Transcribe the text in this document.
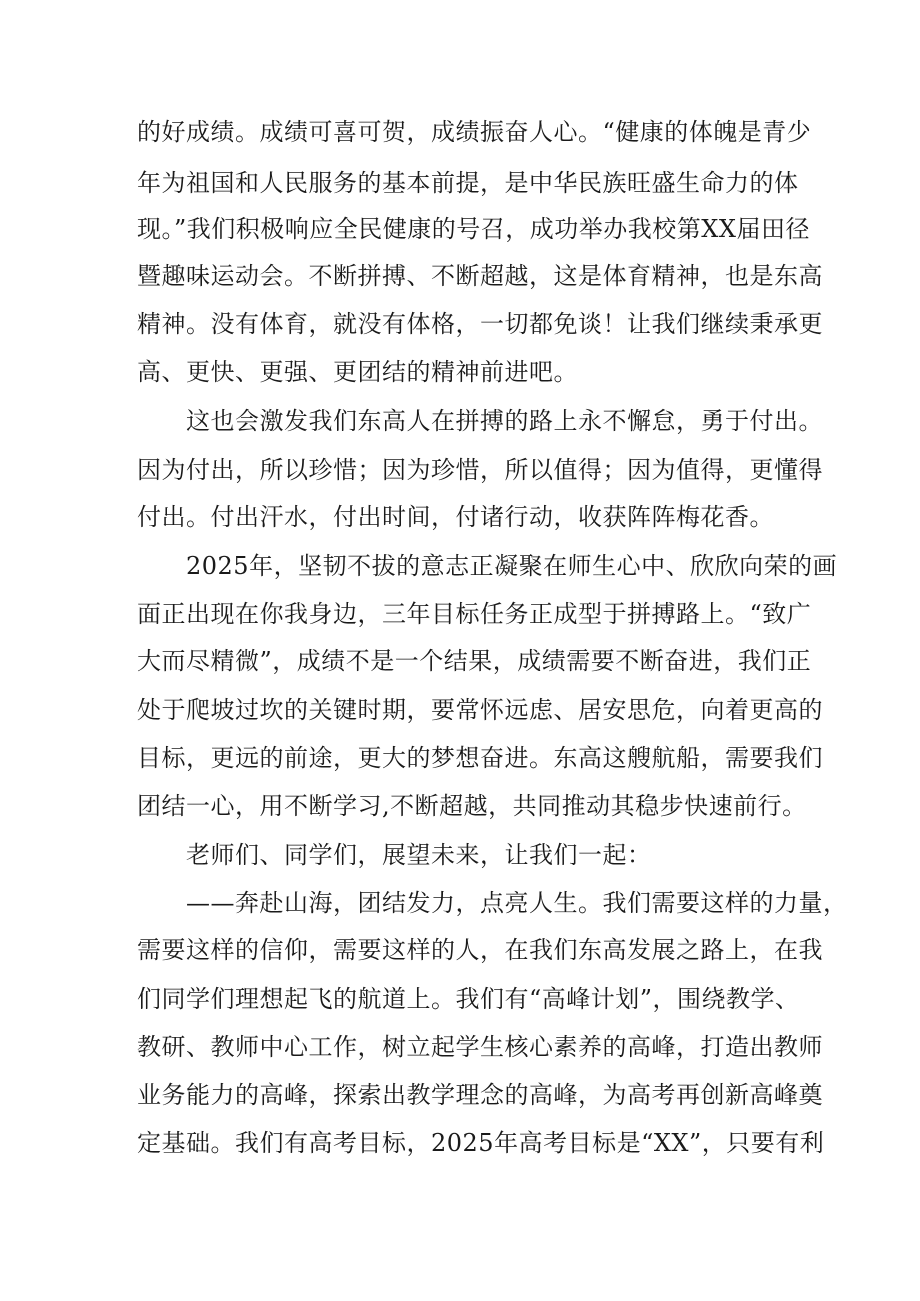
的好成绩。成绩可喜可贺，成绩振奋人心。“健康的体魄是青少

年为祖国和人民服务的基本前提，是中华民族旺盛生命力的体

现。”我们积极响应全民健康的号召，成功举办我校第XX届田径

暨趣味运动会。不断拼搏、不断超越，这是体育精神，也是东高

精神。没有体育，就没有体格，一切都免谈！让我们继续秉承更

高、更快、更强、更团结的精神前进吧。

这也会激发我们东高人在拼搏的路上永不懈怠，勇于付出。

因为付出，所以珍惜；因为珍惜，所以值得；因为值得，更懂得

付出。付出汗水，付出时间，付诸行动，收获阵阵梅花香。

2025年，坚韧不拔的意志正凝聚在师生心中、欣欣向荣的画

面正出现在你我身边，三年目标任务正成型于拼搏路上。“致广

大而尽精微”，成绩不是一个结果，成绩需要不断奋进，我们正

处于爬坡过坎的关键时期，要常怀远虑、居安思危，向着更高的

目标，更远的前途，更大的梦想奋进。东高这艘航船，需要我们

团结一心，用不断学习,不断超越，共同推动其稳步快速前行。

老师们、同学们，展望未来，让我们一起：

——奔赴山海，团结发力，点亮人生。我们需要这样的力量，

需要这样的信仰，需要这样的人，在我们东高发展之路上，在我

们同学们理想起飞的航道上。我们有“高峰计划”，围绕教学、

教研、教师中心工作，树立起学生核心素养的高峰，打造出教师

业务能力的高峰，探索出教学理念的高峰，为高考再创新高峰奠

定基础。我们有高考目标，2025年高考目标是“XX”，只要有利
